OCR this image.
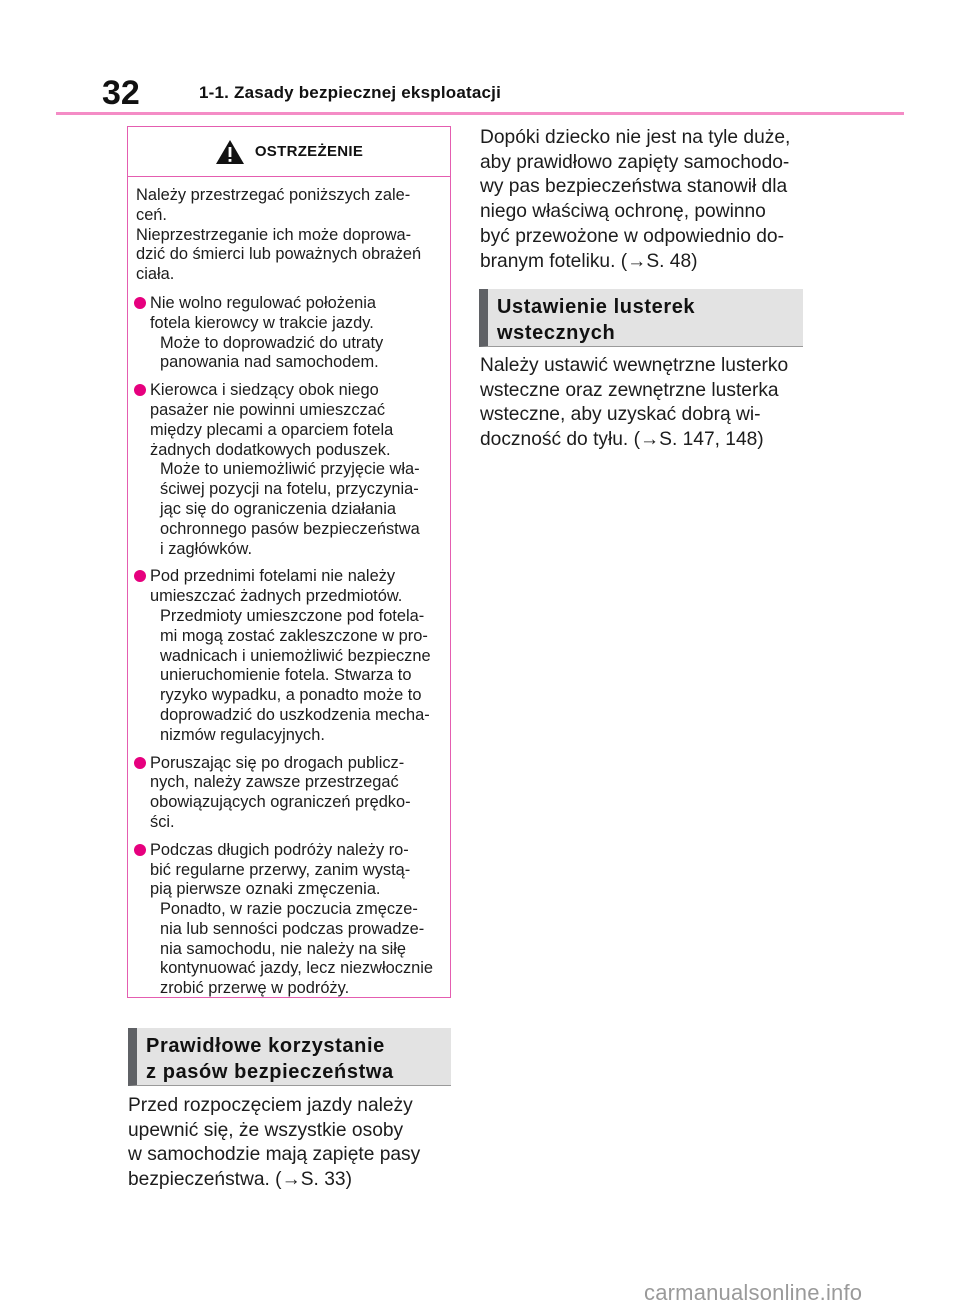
32	1-1. Zasady bezpiecznej eksploatacji
OSTRZEŻENIE
Należy przestrzegać poniższych zale-
ceń.
Nieprzestrzeganie ich może doprowa-
dzić do śmierci lub poważnych obrażeń
ciała.

Nie wolno regulować położenia
fotela kierowcy w trakcie jazdy.

Może to doprowadzić do utraty
panowania nad samochodem.

Kierowca i siedzący obok niego
pasażer nie powinni umieszczać
między plecami a oparciem fotela
żadnych dodatkowych poduszek.

Może to uniemożliwić przyjęcie wła-
ściwej pozycji na fotelu, przyczynia-
jąc się do ograniczenia działania
ochronnego pasów bezpieczeństwa
i zagłówków.

Pod przednimi fotelami nie należy
umieszczać żadnych przedmiotów.

Przedmioty umieszczone pod fotela-
mi mogą zostać zakleszczone w pro-
wadnicach i uniemożliwić bezpieczne
unieruchomienie fotela. Stwarza to
ryzyko wypadku, a ponadto może to
doprowadzić do uszkodzenia mecha-
nizmów regulacyjnych.

Poruszając się po drogach publicz-
nych, należy zawsze przestrzegać
obowiązujących ograniczeń prędko-
ści.

Podczas długich podróży należy ro-
bić regularne przerwy, zanim wystą-
pią pierwsze oznaki zmęczenia.

Ponadto, w razie poczucia zmęcze-
nia lub senności podczas prowadze-
nia samochodu, nie należy na siłę
kontynuować jazdy, lecz niezwłocznie
zrobić przerwę w podróży.

Prawidłowe korzystanie
z pasów bezpieczeństwa
Przed rozpoczęciem jazdy należy
upewnić się, że wszystkie osoby
w samochodzie mają zapięte pasy
bezpieczeństwa. (→S. 33)
Dopóki dziecko nie jest na tyle duże,
aby prawidłowo zapięty samochodo-
wy pas bezpieczeństwa stanowił dla
niego właściwą ochronę, powinno
być przewożone w odpowiednio do-
branym foteliku. (→S. 48)
Ustawienie lusterek
wstecznych
Należy ustawić wewnętrzne lusterko
wsteczne oraz zewnętrzne lusterka
wsteczne, aby uzyskać dobrą wi-
doczność do tyłu. (→S. 147, 148)
carmanualsonline.info
